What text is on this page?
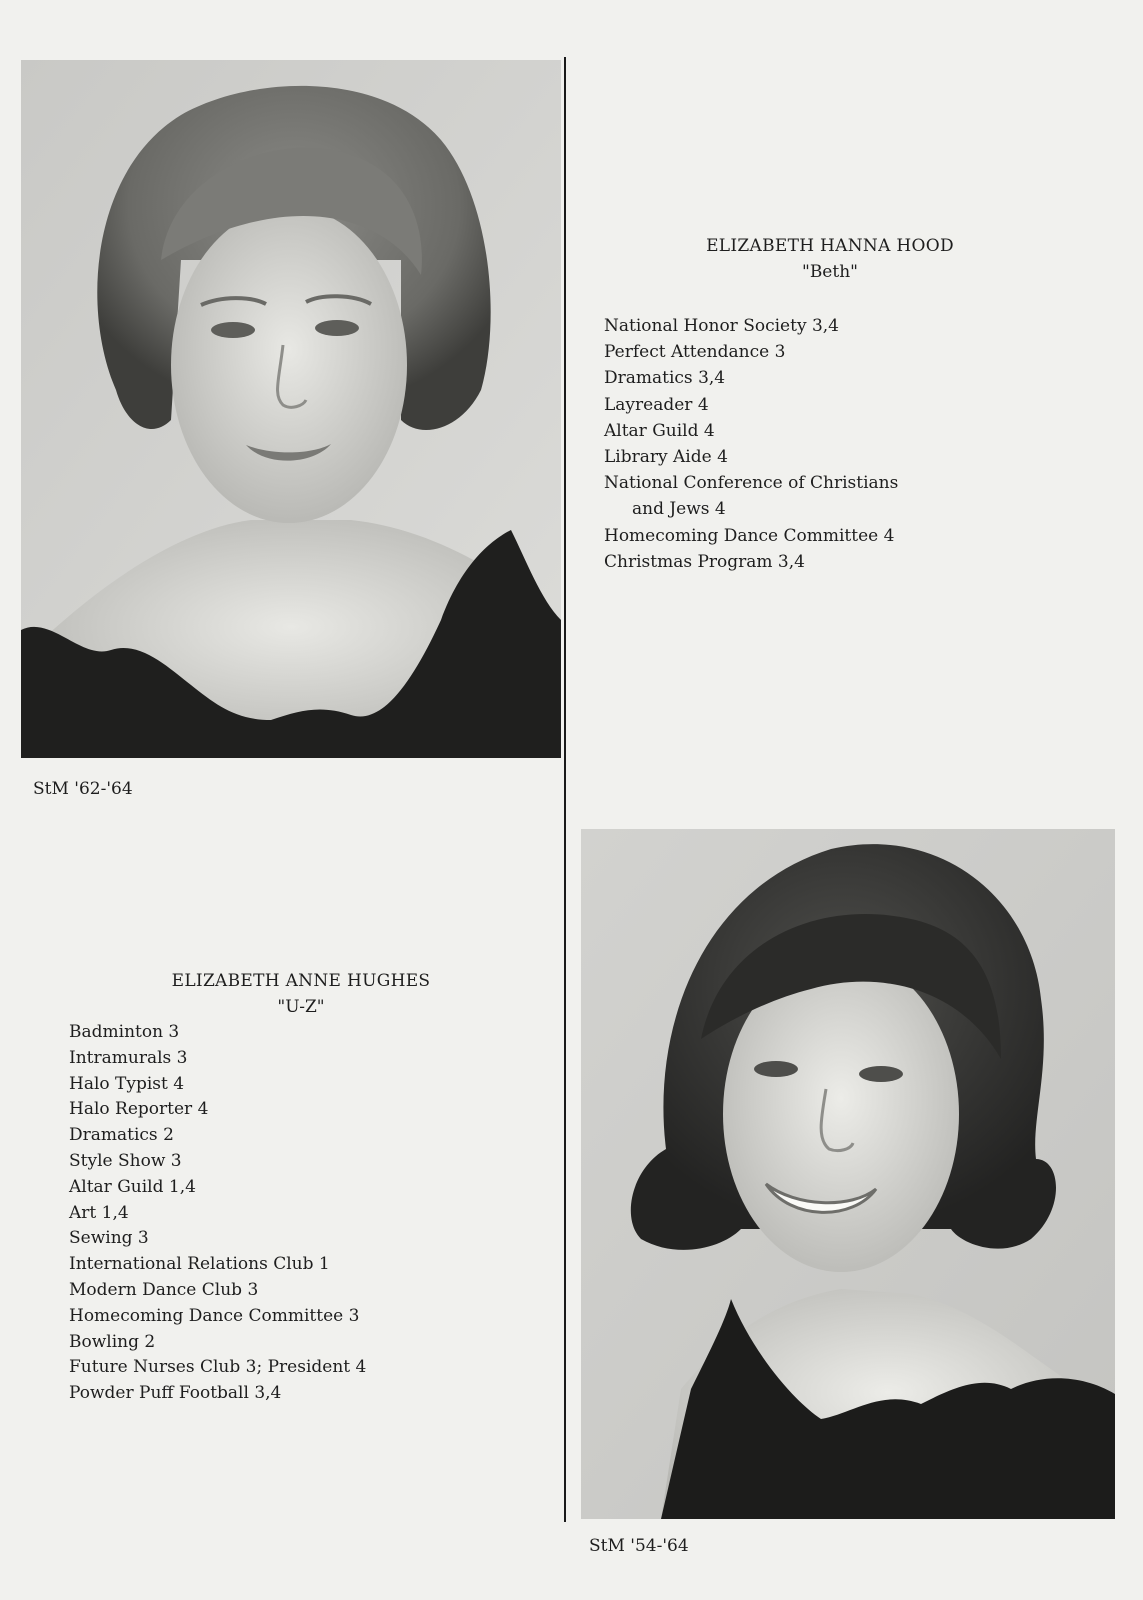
ELIZABETH HANNA HOOD
"Beth"
National Honor Society 3,4
Perfect Attendance 3
Dramatics 3,4
Layreader 4
Altar Guild 4
Library Aide 4
National Conference of Christians
and Jews 4
Homecoming Dance Committee 4
Christmas Program 3,4
StM '62-'64
ELIZABETH ANNE HUGHES
"U-Z"
Badminton 3
Intramurals 3
Halo Typist 4
Halo Reporter 4
Dramatics 2
Style Show 3
Altar Guild 1,4
Art 1,4
Sewing 3
International Relations Club 1
Modern Dance Club 3
Homecoming Dance Committee 3
Bowling 2
Future Nurses Club 3; President 4
Powder Puff Football 3,4
StM '54-'64
